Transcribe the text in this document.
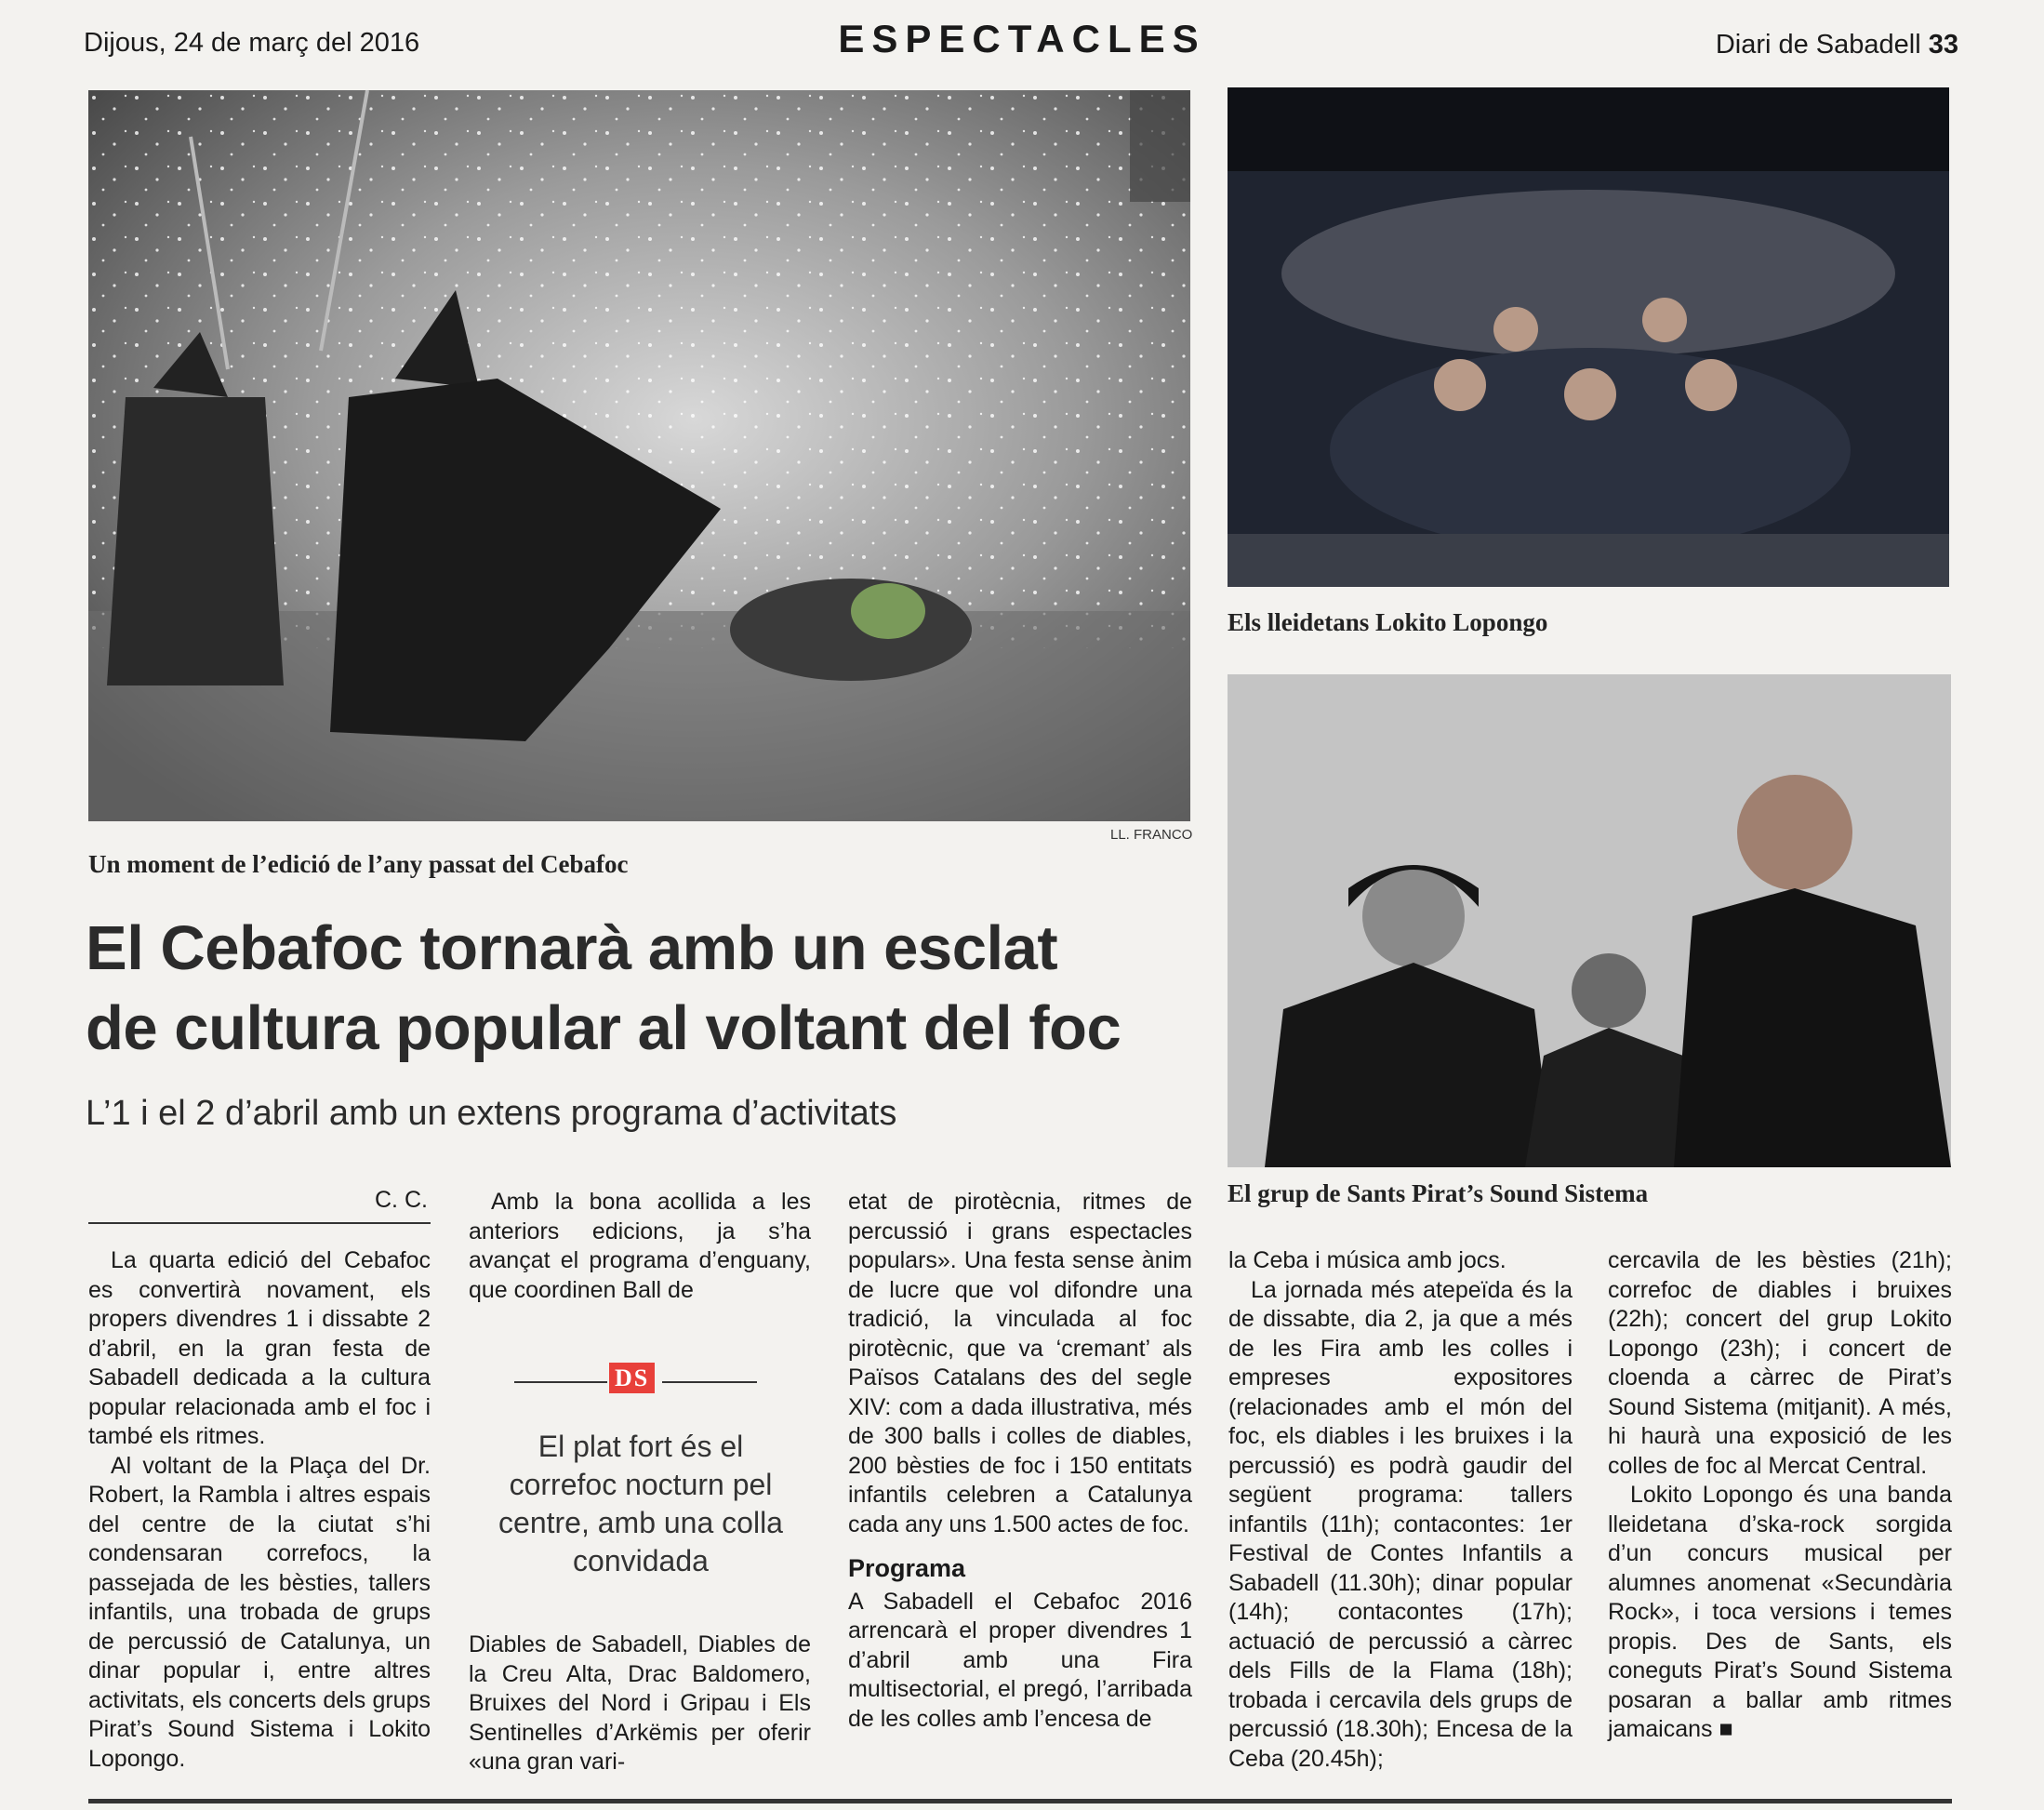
Dijous, 24 de març del 2016	ESPECTACLES	Diari de Sabadell 33
LL. FRANCO
Un moment de l’edició de l’any passat del Cebafoc
Els lleidetans Lokito Lopongo
El grup de Sants Pirat’s Sound Sistema
El Cebafoc tornarà amb un esclat
de cultura popular al voltant del foc
L’1 i el 2 d’abril amb un extens programa d’activitats
C. C.

La quarta edició del Cebafoc es convertirà novament, els propers divendres 1 i dissabte 2 d’abril, en la gran festa de Sabadell dedicada a la cultura popular relacionada amb el foc i també els ritmes.

Al voltant de la Plaça del Dr. Robert, la Rambla i altres espais del centre de la ciutat s’hi condensaran correfocs, la passejada de les bèsties, tallers infantils, una trobada de grups de percussió de Catalunya, un dinar popular i, entre altres activitats, els concerts dels grups Pirat’s Sound Sistema i Lokito Lopongo.

Amb la bona acollida a les anteriors edicions, ja s’ha avançat el programa d’enguany, que coordinen Ball de

DS
El plat fort és el correfoc nocturn pel centre, amb una colla convidada

Diables de Sabadell, Diables de la Creu Alta, Drac Baldomero, Bruixes del Nord i Gripau i Els Sentinelles d’Arkëmis per oferir «una gran vari-

etat de pirotècnia, ritmes de percussió i grans espectacles populars». Una festa sense ànim de lucre que vol difondre una tradició, la vinculada al foc pirotècnic, que va ‘cremant’ als Països Catalans des del segle XIV: com a dada illustrativa, més de 300 balls i colles de diables, 200 bèsties de foc i 150 entitats infantils celebren a Catalunya cada any uns 1.500 actes de foc.

Programa

A Sabadell el Cebafoc 2016 arrencarà el proper divendres 1 d’abril amb una Fira multisectorial, el pregó, l’arribada de les colles amb l’encesa de

la Ceba i música amb jocs.

La jornada més atepeïda és la de dissabte, dia 2, ja que a més de les Fira amb les colles i empreses expositores (relacionades amb el món del foc, els diables i les bruixes i la percussió) es podrà gaudir del següent programa: tallers infantils (11h); contacontes: 1er Festival de Contes Infantils a Sabadell (11.30h); dinar popular (14h); contacontes (17h); actuació de percussió a càrrec dels Fills de la Flama (18h); trobada i cercavila dels grups de percussió (18.30h); Encesa de la Ceba (20.45h);

cercavila de les bèsties (21h); correfoc de diables i bruixes (22h); concert del grup Lokito Lopongo (23h); i concert de cloenda a càrrec de Pirat’s Sound Sistema (mitjanit). A més, hi haurà una exposició de les colles de foc al Mercat Central.

Lokito Lopongo és una banda lleidetana d’ska-rock sorgida d’un concurs musical per alumnes anomenat «Secundària Rock», i toca versions i temes propis. Des de Sants, els coneguts Pirat’s Sound Sistema posaran a ballar amb ritmes jamaicans ■
